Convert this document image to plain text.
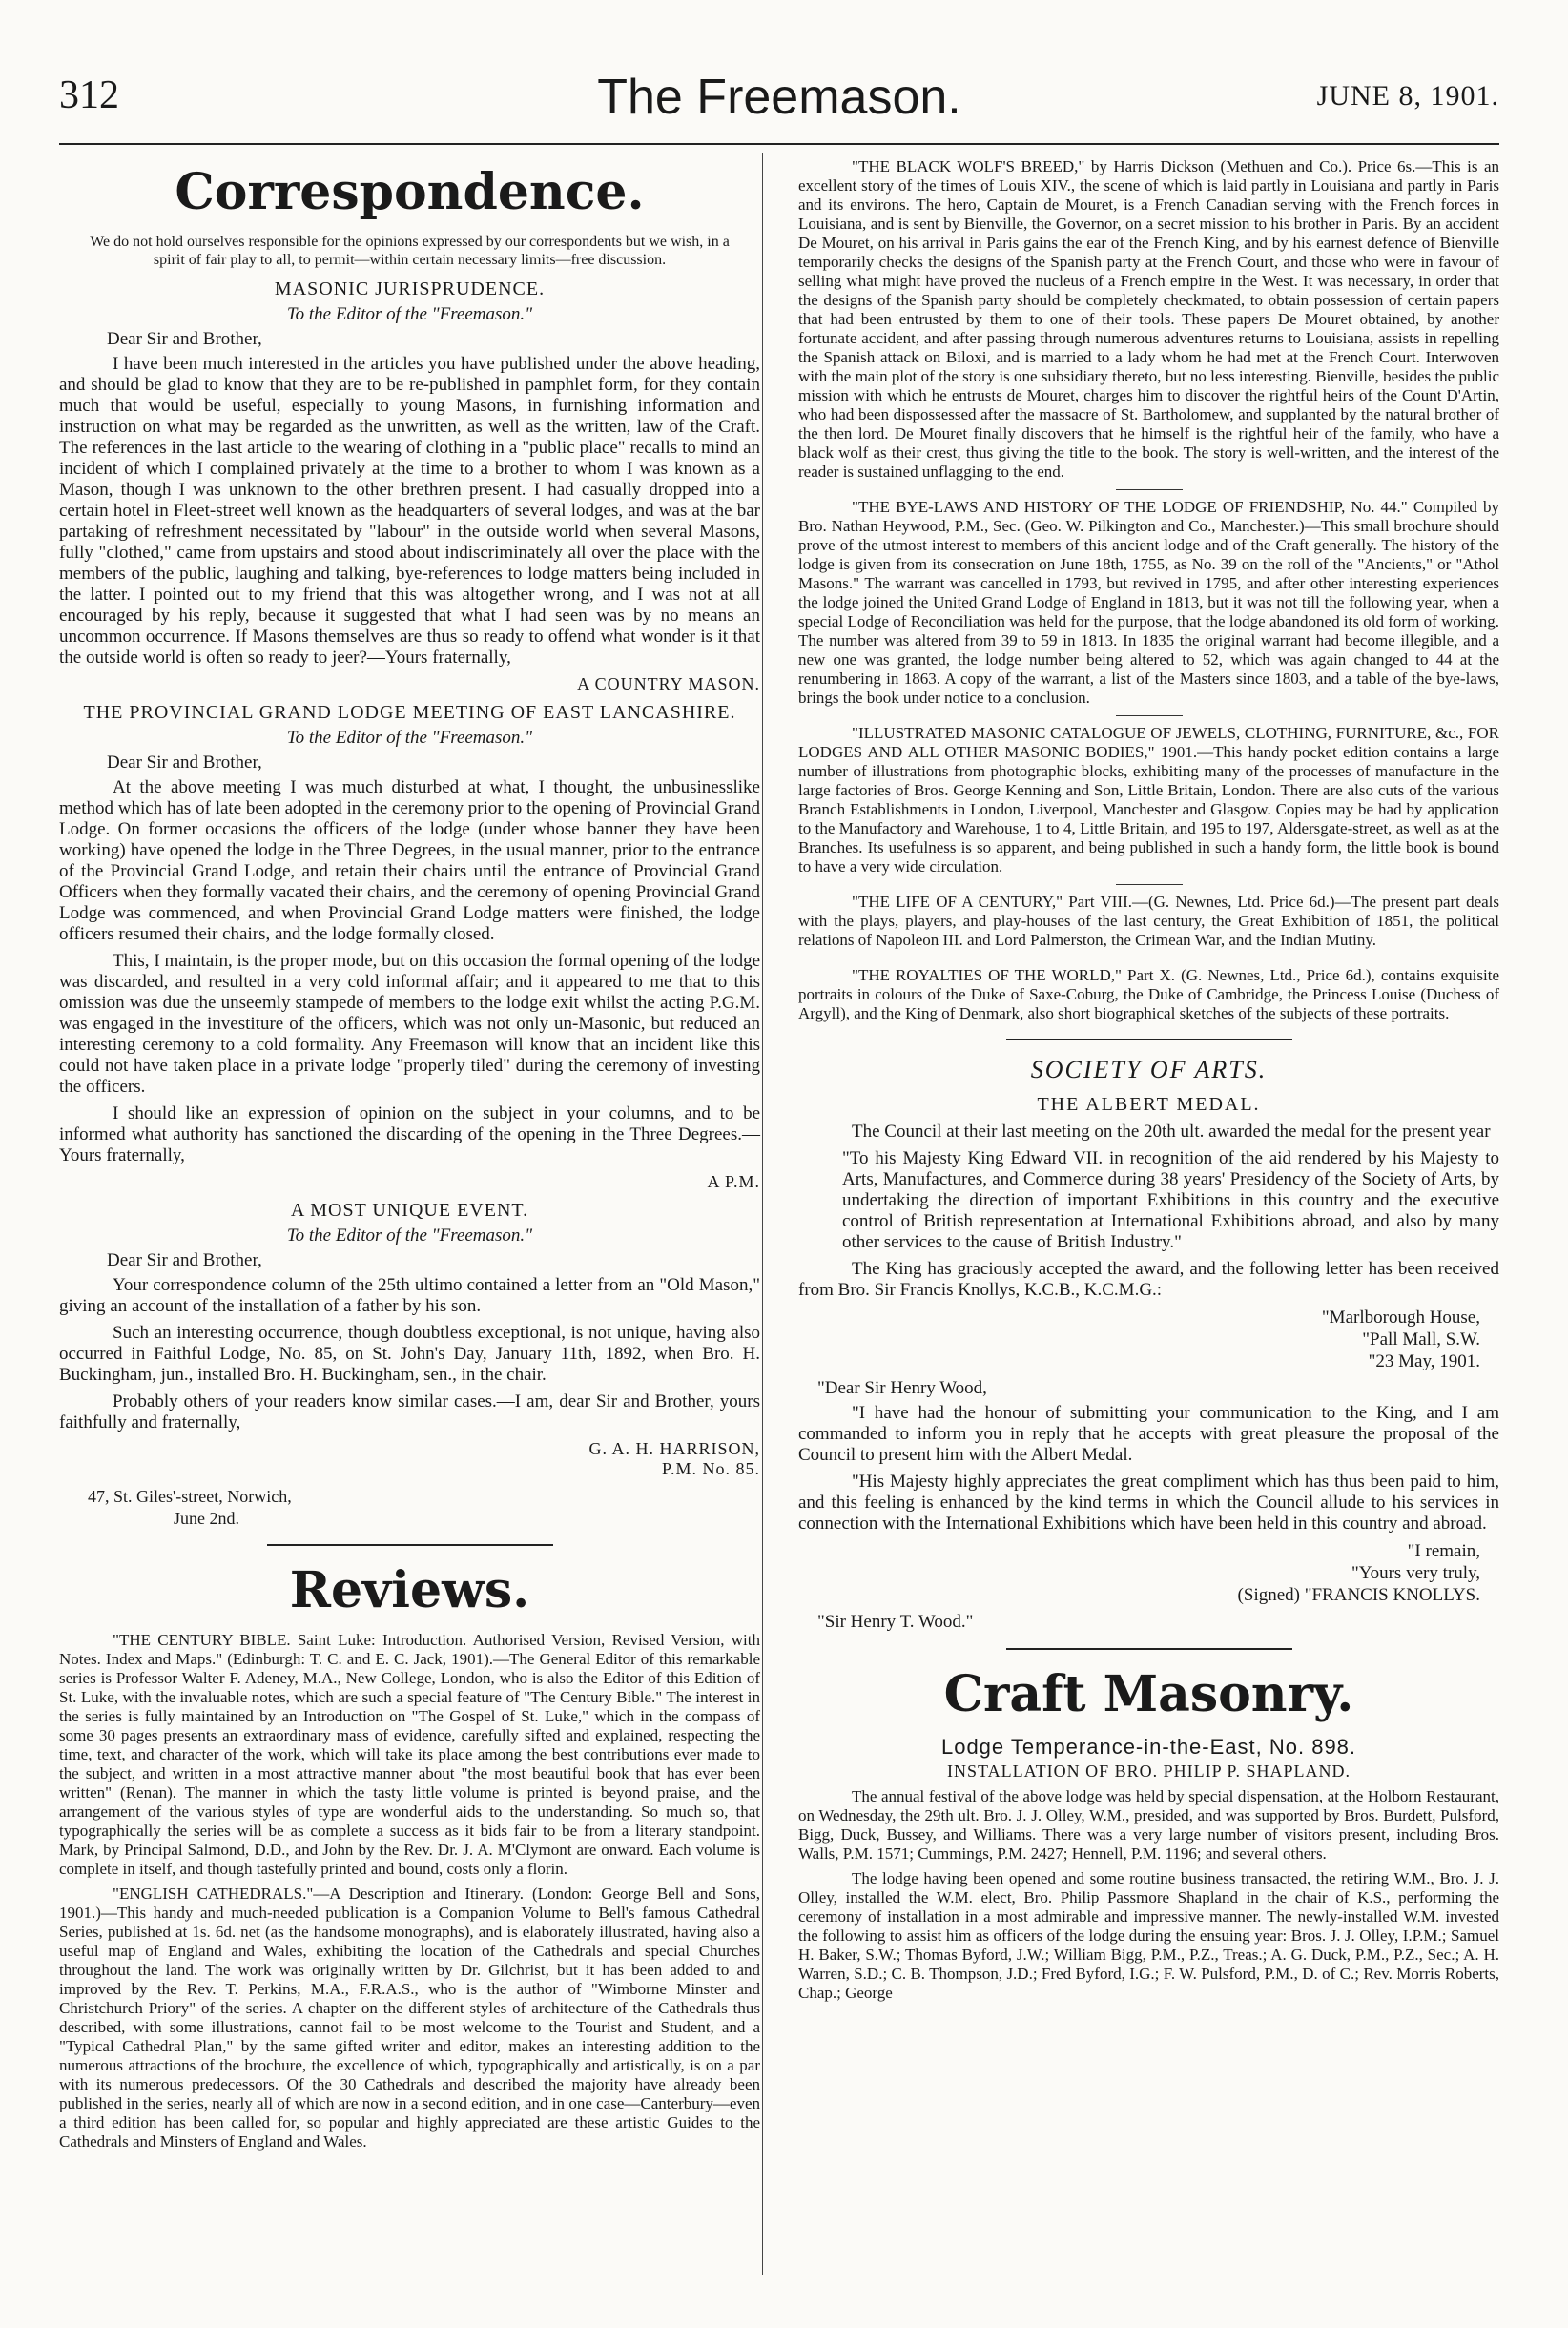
312	The Freemason.	JUNE 8, 1901.
Correspondence.
We do not hold ourselves responsible for the opinions expressed by our correspondents but we wish, in a spirit of fair play to all, to permit—within certain necessary limits—free discussion.
MASONIC JURISPRUDENCE.
To the Editor of the "Freemason."
Dear Sir and Brother,

I have been much interested in the articles you have published under the above heading, and should be glad to know that they are to be re-published in pamphlet form, for they contain much that would be useful, especially to young Masons, in furnishing information and instruction on what may be regarded as the unwritten, as well as the written, law of the Craft. The references in the last article to the wearing of clothing in a "public place" recalls to mind an incident of which I complained privately at the time to a brother to whom I was known as a Mason, though I was unknown to the other brethren present. I had casually dropped into a certain hotel in Fleet-street well known as the headquarters of several lodges, and was at the bar partaking of refreshment necessitated by "labour" in the outside world when several Masons, fully "clothed," came from upstairs and stood about indiscriminately all over the place with the members of the public, laughing and talking, bye-references to lodge matters being included in the latter. I pointed out to my friend that this was altogether wrong, and I was not at all encouraged by his reply, because it suggested that what I had seen was by no means an uncommon occurrence. If Masons themselves are thus so ready to offend what wonder is it that the outside world is often so ready to jeer?—Yours fraternally,

A COUNTRY MASON.
THE PROVINCIAL GRAND LODGE MEETING OF EAST LANCASHIRE.
To the Editor of the "Freemason."
Dear Sir and Brother,

At the above meeting I was much disturbed at what, I thought, the unbusinesslike method which has of late been adopted in the ceremony prior to the opening of Provincial Grand Lodge. On former occasions the officers of the lodge (under whose banner they have been working) have opened the lodge in the Three Degrees, in the usual manner, prior to the entrance of the Provincial Grand Lodge, and retain their chairs until the entrance of Provincial Grand Officers when they formally vacated their chairs, and the ceremony of opening Provincial Grand Lodge was commenced, and when Provincial Grand Lodge matters were finished, the lodge officers resumed their chairs, and the lodge formally closed.

This, I maintain, is the proper mode, but on this occasion the formal opening of the lodge was discarded, and resulted in a very cold informal affair; and it appeared to me that to this omission was due the unseemly stampede of members to the lodge exit whilst the acting P.G.M. was engaged in the investiture of the officers, which was not only un-Masonic, but reduced an interesting ceremony to a cold formality. Any Freemason will know that an incident like this could not have taken place in a private lodge "properly tiled" during the ceremony of investing the officers.

I should like an expression of opinion on the subject in your columns, and to be informed what authority has sanctioned the discarding of the opening in the Three Degrees.—Yours fraternally,

A P.M.
A MOST UNIQUE EVENT.
To the Editor of the "Freemason."
Dear Sir and Brother,

Your correspondence column of the 25th ultimo contained a letter from an "Old Mason," giving an account of the installation of a father by his son.

Such an interesting occurrence, though doubtless exceptional, is not unique, having also occurred in Faithful Lodge, No. 85, on St. John's Day, January 11th, 1892, when Bro. H. Buckingham, jun., installed Bro. H. Buckingham, sen., in the chair.

Probably others of your readers know similar cases.—I am, dear Sir and Brother, yours faithfully and fraternally,

G. A. H. HARRISON,
P.M. No. 85.
47, St. Giles'-street, Norwich,
June 2nd.
Reviews.

"THE CENTURY BIBLE. Saint Luke: Introduction. Authorised Version, Revised Version, with Notes. Index and Maps." (Edinburgh: T. C. and E. C. Jack, 1901).—The General Editor of this remarkable series is Professor Walter F. Adeney, M.A., New College, London, who is also the Editor of this Edition of St. Luke, with the invaluable notes, which are such a special feature of "The Century Bible." The interest in the series is fully maintained by an Introduction on "The Gospel of St. Luke," which in the compass of some 30 pages presents an extraordinary mass of evidence, carefully sifted and explained, respecting the time, text, and character of the work, which will take its place among the best contributions ever made to the subject, and written in a most attractive manner about "the most beautiful book that has ever been written" (Renan). The manner in which the tasty little volume is printed is beyond praise, and the arrangement of the various styles of type are wonderful aids to the understanding. So much so, that typographically the series will be as complete a success as it bids fair to be from a literary standpoint. Mark, by Principal Salmond, D.D., and John by the Rev. Dr. J. A. M'Clymont are onward. Each volume is complete in itself, and though tastefully printed and bound, costs only a florin.

"ENGLISH CATHEDRALS."—A Description and Itinerary. (London: George Bell and Sons, 1901.)—This handy and much-needed publication is a Companion Volume to Bell's famous Cathedral Series, published at 1s. 6d. net (as the handsome monographs), and is elaborately illustrated, having also a useful map of England and Wales, exhibiting the location of the Cathedrals and special Churches throughout the land. The work was originally written by Dr. Gilchrist, but it has been added to and improved by the Rev. T. Perkins, M.A., F.R.A.S., who is the author of "Wimborne Minster and Christchurch Priory" of the series. A chapter on the different styles of architecture of the Cathedrals thus described, with some illustrations, cannot fail to be most welcome to the Tourist and Student, and a "Typical Cathedral Plan," by the same gifted writer and editor, makes an interesting addition to the numerous attractions of the brochure, the excellence of which, typographically and artistically, is on a par with its numerous predecessors. Of the 30 Cathedrals and described the majority have already been published in the series, nearly all of which are now in a second edition, and in one case—Canterbury—even a third edition has been called for, so popular and highly appreciated are these artistic Guides to the Cathedrals and Minsters of England and Wales.

"THE BLACK WOLF'S BREED," by Harris Dickson (Methuen and Co.). Price 6s.—This is an excellent story of the times of Louis XIV., the scene of which is laid partly in Louisiana and partly in Paris and its environs. The hero, Captain de Mouret, is a French Canadian serving with the French forces in Louisiana, and is sent by Bienville, the Governor, on a secret mission to his brother in Paris. By an accident De Mouret, on his arrival in Paris gains the ear of the French King, and by his earnest defence of Bienville temporarily checks the designs of the Spanish party at the French Court, and those who were in favour of selling what might have proved the nucleus of a French empire in the West. It was necessary, in order that the designs of the Spanish party should be completely checkmated, to obtain possession of certain papers that had been entrusted by them to one of their tools. These papers De Mouret obtained, by another fortunate accident, and after passing through numerous adventures returns to Louisiana, assists in repelling the Spanish attack on Biloxi, and is married to a lady whom he had met at the French Court. Interwoven with the main plot of the story is one subsidiary thereto, but no less interesting. Bienville, besides the public mission with which he entrusts de Mouret, charges him to discover the rightful heirs of the Count D'Artin, who had been dispossessed after the massacre of St. Bartholomew, and supplanted by the natural brother of the then lord. De Mouret finally discovers that he himself is the rightful heir of the family, who have a black wolf as their crest, thus giving the title to the book. The story is well-written, and the interest of the reader is sustained unflagging to the end.

"THE BYE-LAWS AND HISTORY OF THE LODGE OF FRIENDSHIP, No. 44." Compiled by Bro. Nathan Heywood, P.M., Sec. (Geo. W. Pilkington and Co., Manchester.)—This small brochure should prove of the utmost interest to members of this ancient lodge and of the Craft generally. The history of the lodge is given from its consecration on June 18th, 1755, as No. 39 on the roll of the "Ancients," or "Athol Masons." The warrant was cancelled in 1793, but revived in 1795, and after other interesting experiences the lodge joined the United Grand Lodge of England in 1813, but it was not till the following year, when a special Lodge of Reconciliation was held for the purpose, that the lodge abandoned its old form of working. The number was altered from 39 to 59 in 1813. In 1835 the original warrant had become illegible, and a new one was granted, the lodge number being altered to 52, which was again changed to 44 at the renumbering in 1863. A copy of the warrant, a list of the Masters since 1803, and a table of the bye-laws, brings the book under notice to a conclusion.

"ILLUSTRATED MASONIC CATALOGUE OF JEWELS, CLOTHING, FURNITURE, &c., FOR LODGES AND ALL OTHER MASONIC BODIES," 1901.—This handy pocket edition contains a large number of illustrations from photographic blocks, exhibiting many of the processes of manufacture in the large factories of Bros. George Kenning and Son, Little Britain, London. There are also cuts of the various Branch Establishments in London, Liverpool, Manchester and Glasgow. Copies may be had by application to the Manufactory and Warehouse, 1 to 4, Little Britain, and 195 to 197, Aldersgate-street, as well as at the Branches. Its usefulness is so apparent, and being published in such a handy form, the little book is bound to have a very wide circulation.

"THE LIFE OF A CENTURY," Part VIII.—(G. Newnes, Ltd. Price 6d.)—The present part deals with the plays, players, and play-houses of the last century, the Great Exhibition of 1851, the political relations of Napoleon III. and Lord Palmerston, the Crimean War, and the Indian Mutiny.

"THE ROYALTIES OF THE WORLD," Part X. (G. Newnes, Ltd., Price 6d.), contains exquisite portraits in colours of the Duke of Saxe-Coburg, the Duke of Cambridge, the Princess Louise (Duchess of Argyll), and the King of Denmark, also short biographical sketches of the subjects of these portraits.

SOCIETY OF ARTS.
THE ALBERT MEDAL.

The Council at their last meeting on the 20th ult. awarded the medal for the present year

"To his Majesty King Edward VII. in recognition of the aid rendered by his Majesty to Arts, Manufactures, and Commerce during 38 years' Presidency of the Society of Arts, by undertaking the direction of important Exhibitions in this country and the executive control of British representation at International Exhibitions abroad, and also by many other services to the cause of British Industry."

The King has graciously accepted the award, and the following letter has been received from Bro. Sir Francis Knollys, K.C.B., K.C.M.G.:

"Marlborough House,
"Pall Mall, S.W.
"23 May, 1901.
"Dear Sir Henry Wood,

"I have had the honour of submitting your communication to the King, and I am commanded to inform you in reply that he accepts with great pleasure the proposal of the Council to present him with the Albert Medal.

"His Majesty highly appreciates the great compliment which has thus been paid to him, and this feeling is enhanced by the kind terms in which the Council allude to his services in connection with the International Exhibitions which have been held in this country and abroad.

"I remain,
"Yours very truly,
(Signed) "FRANCIS KNOLLYS.
"Sir Henry T. Wood."
Craft Masonry.
Lodge Temperance-in-the-East, No. 898.
INSTALLATION OF BRO. PHILIP P. SHAPLAND.

The annual festival of the above lodge was held by special dispensation, at the Holborn Restaurant, on Wednesday, the 29th ult. Bro. J. J. Olley, W.M., presided, and was supported by Bros. Burdett, Pulsford, Bigg, Duck, Bussey, and Williams. There was a very large number of visitors present, including Bros. Walls, P.M. 1571; Cummings, P.M. 2427; Hennell, P.M. 1196; and several others.

The lodge having been opened and some routine business transacted, the retiring W.M., Bro. J. J. Olley, installed the W.M. elect, Bro. Philip Passmore Shapland in the chair of K.S., performing the ceremony of installation in a most admirable and impressive manner. The newly-installed W.M. invested the following to assist him as officers of the lodge during the ensuing year: Bros. J. J. Olley, I.P.M.; Samuel H. Baker, S.W.; Thomas Byford, J.W.; William Bigg, P.M., P.Z., Treas.; A. G. Duck, P.M., P.Z., Sec.; A. H. Warren, S.D.; C. B. Thompson, J.D.; Fred Byford, I.G.; F. W. Pulsford, P.M., D. of C.; Rev. Morris Roberts, Chap.; George
